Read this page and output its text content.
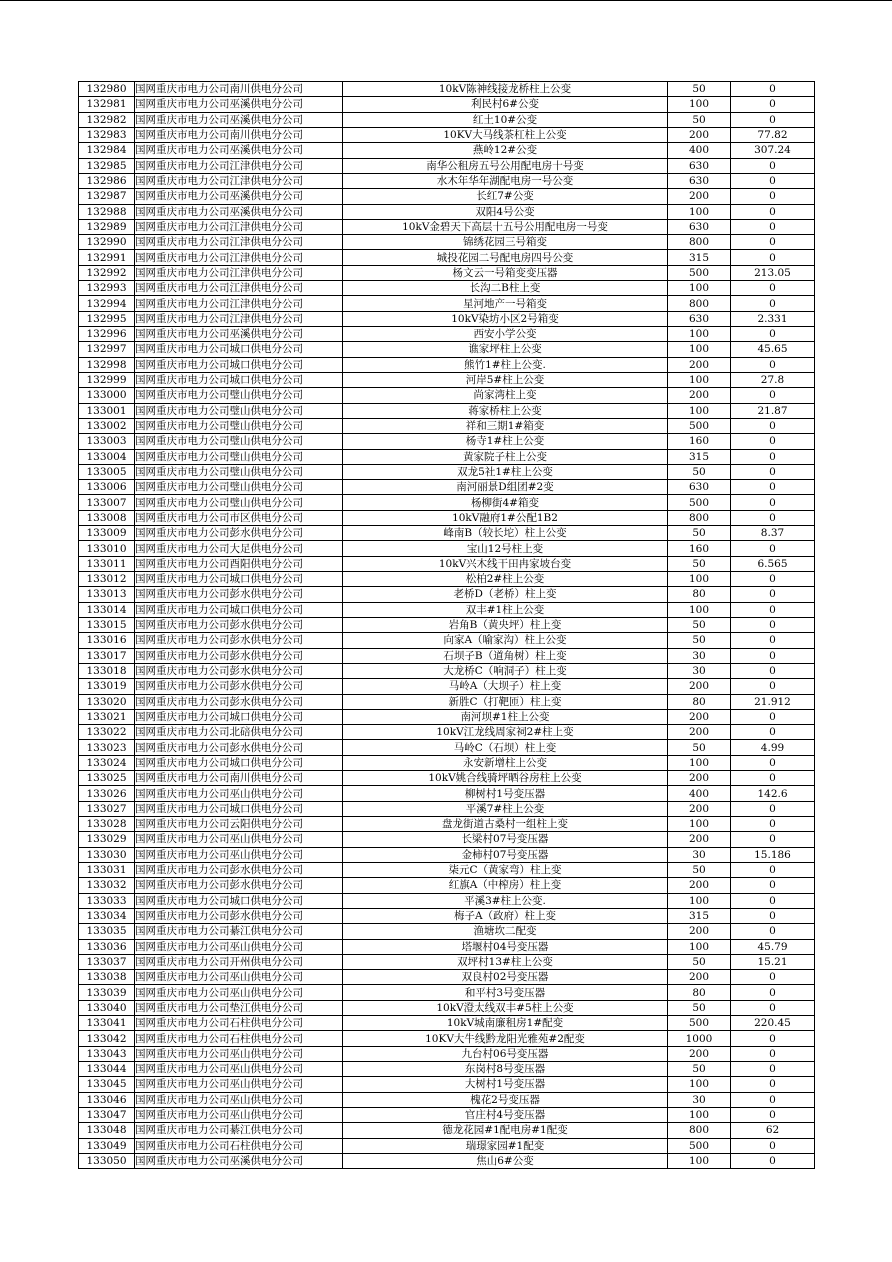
132980	国网重庆市电力公司南川供电分公司	10kV陈神线接龙桥柱上公变	50	0
132981	国网重庆市电力公司巫溪供电分公司	利民村6#公变	100	0
132982	国网重庆市电力公司巫溪供电分公司	红土10#公变	50	0
132983	国网重庆市电力公司南川供电分公司	10KV大马线茶杠柱上公变	200	77.82
132984	国网重庆市电力公司巫溪供电分公司	燕岭12#公变	400	307.24
132985	国网重庆市电力公司江津供电分公司	南华公租房五号公用配电房十号变	630	0
132986	国网重庆市电力公司江津供电分公司	水木年华年湖配电房一号公变	630	0
132987	国网重庆市电力公司巫溪供电分公司	长红7#公变	200	0
132988	国网重庆市电力公司巫溪供电分公司	双阳4号公变	100	0
132989	国网重庆市电力公司江津供电分公司	10kV金碧天下高层十五号公用配电房一号变	630	0
132990	国网重庆市电力公司江津供电分公司	锦绣花园三号箱变	800	0
132991	国网重庆市电力公司江津供电分公司	城投花园二号配电房四号公变	315	0
132992	国网重庆市电力公司江津供电分公司	杨文云一号箱变变压器	500	213.05
132993	国网重庆市电力公司江津供电分公司	长沟二B柱上变	100	0
132994	国网重庆市电力公司江津供电分公司	星河地产一号箱变	800	0
132995	国网重庆市电力公司江津供电分公司	10kV染坊小区2号箱变	630	2.331
132996	国网重庆市电力公司巫溪供电分公司	西安小学公变	100	0
132997	国网重庆市电力公司城口供电分公司	谯家坪柱上公变	100	45.65
132998	国网重庆市电力公司城口供电分公司	熊竹1#柱上公变.	200	0
132999	国网重庆市电力公司城口供电分公司	河岸5#柱上公变	100	27.8
133000	国网重庆市电力公司璧山供电分公司	尚家湾柱上变	200	0
133001	国网重庆市电力公司璧山供电分公司	蒋家桥柱上公变	100	21.87
133002	国网重庆市电力公司璧山供电分公司	祥和三期1#箱变	500	0
133003	国网重庆市电力公司璧山供电分公司	杨寺1#柱上公变	160	0
133004	国网重庆市电力公司璧山供电分公司	黄家院子柱上公变	315	0
133005	国网重庆市电力公司璧山供电分公司	双龙5社1#柱上公变	50	0
133006	国网重庆市电力公司璧山供电分公司	南河丽景D组团#2变	630	0
133007	国网重庆市电力公司璧山供电分公司	杨柳街4#箱变	500	0
133008	国网重庆市电力公司市区供电分公司	10kV融府1#公配1B2	800	0
133009	国网重庆市电力公司彭水供电分公司	峰南B（较长坨）柱上公变	50	8.37
133010	国网重庆市电力公司大足供电分公司	宝山12号柱上变	160	0
133011	国网重庆市电力公司酉阳供电分公司	10kV兴木线干田冉家坡台变	50	6.565
133012	国网重庆市电力公司城口供电分公司	松柏2#柱上公变	100	0
133013	国网重庆市电力公司彭水供电分公司	老桥D（老桥）柱上变	80	0
133014	国网重庆市电力公司城口供电分公司	双丰#1柱上公变	100	0
133015	国网重庆市电力公司彭水供电分公司	岩角B（黄央坪）柱上变	50	0
133016	国网重庆市电力公司彭水供电分公司	向家A（喻家沟）柱上公变	50	0
133017	国网重庆市电力公司彭水供电分公司	石坝子B（道角树）柱上变	30	0
133018	国网重庆市电力公司彭水供电分公司	大龙桥C（响洞子）柱上变	30	0
133019	国网重庆市电力公司彭水供电分公司	马岭A（大坝子）柱上变	200	0
133020	国网重庆市电力公司彭水供电分公司	新胜C（打靶匝）柱上变	80	21.912
133021	国网重庆市电力公司城口供电分公司	南河坝#1柱上公变	200	0
133022	国网重庆市电力公司北碚供电分公司	10kV江龙线周家祠2#柱上变	200	0
133023	国网重庆市电力公司彭水供电分公司	马岭C（石坝）柱上变	50	4.99
133024	国网重庆市电力公司城口供电分公司	永安新增柱上公变	100	0
133025	国网重庆市电力公司南川供电分公司	10kV姚合线骑坪晒谷房柱上公变	200	0
133026	国网重庆市电力公司巫山供电分公司	柳树村1号变压器	400	142.6
133027	国网重庆市电力公司城口供电分公司	平溪7#柱上公变	200	0
133028	国网重庆市电力公司云阳供电分公司	盘龙街道古桑村一组柱上变	100	0
133029	国网重庆市电力公司巫山供电分公司	长梁村07号变压器	200	0
133030	国网重庆市电力公司巫山供电分公司	金柿村07号变压器	30	15.186
133031	国网重庆市电力公司彭水供电分公司	柒元C（黄家弯）柱上变	50	0
133032	国网重庆市电力公司彭水供电分公司	红旗A（中榨房）柱上变	200	0
133033	国网重庆市电力公司城口供电分公司	平溪3#柱上公变.	100	0
133034	国网重庆市电力公司彭水供电分公司	梅子A（政府）柱上变	315	0
133035	国网重庆市电力公司綦江供电分公司	渔塘坎二配变	200	0
133036	国网重庆市电力公司巫山供电分公司	塔堰村04号变压器	100	45.79
133037	国网重庆市电力公司开州供电分公司	双坪村13#柱上公变	50	15.21
133038	国网重庆市电力公司巫山供电分公司	双良村02号变压器	200	0
133039	国网重庆市电力公司巫山供电分公司	和平村3号变压器	80	0
133040	国网重庆市电力公司垫江供电分公司	10kV澄太线双丰#5柱上公变	50	0
133041	国网重庆市电力公司石柱供电分公司	10kV城南廉租房1#配变	500	220.45
133042	国网重庆市电力公司石柱供电分公司	10KV大牛线黔龙阳光雅苑#2配变	1000	0
133043	国网重庆市电力公司巫山供电分公司	九台村06号变压器	200	0
133044	国网重庆市电力公司巫山供电分公司	东岗村8号变压器	50	0
133045	国网重庆市电力公司巫山供电分公司	大树村1号变压器	100	0
133046	国网重庆市电力公司巫山供电分公司	槐花2号变压器	30	0
133047	国网重庆市电力公司巫山供电分公司	官庄村4号变压器	100	0
133048	国网重庆市电力公司綦江供电分公司	德龙花园#1配电房#1配变	800	62
133049	国网重庆市电力公司石柱供电分公司	瑞璟家园#1配变	500	0
133050	国网重庆市电力公司巫溪供电分公司	焦山6#公变	100	0
